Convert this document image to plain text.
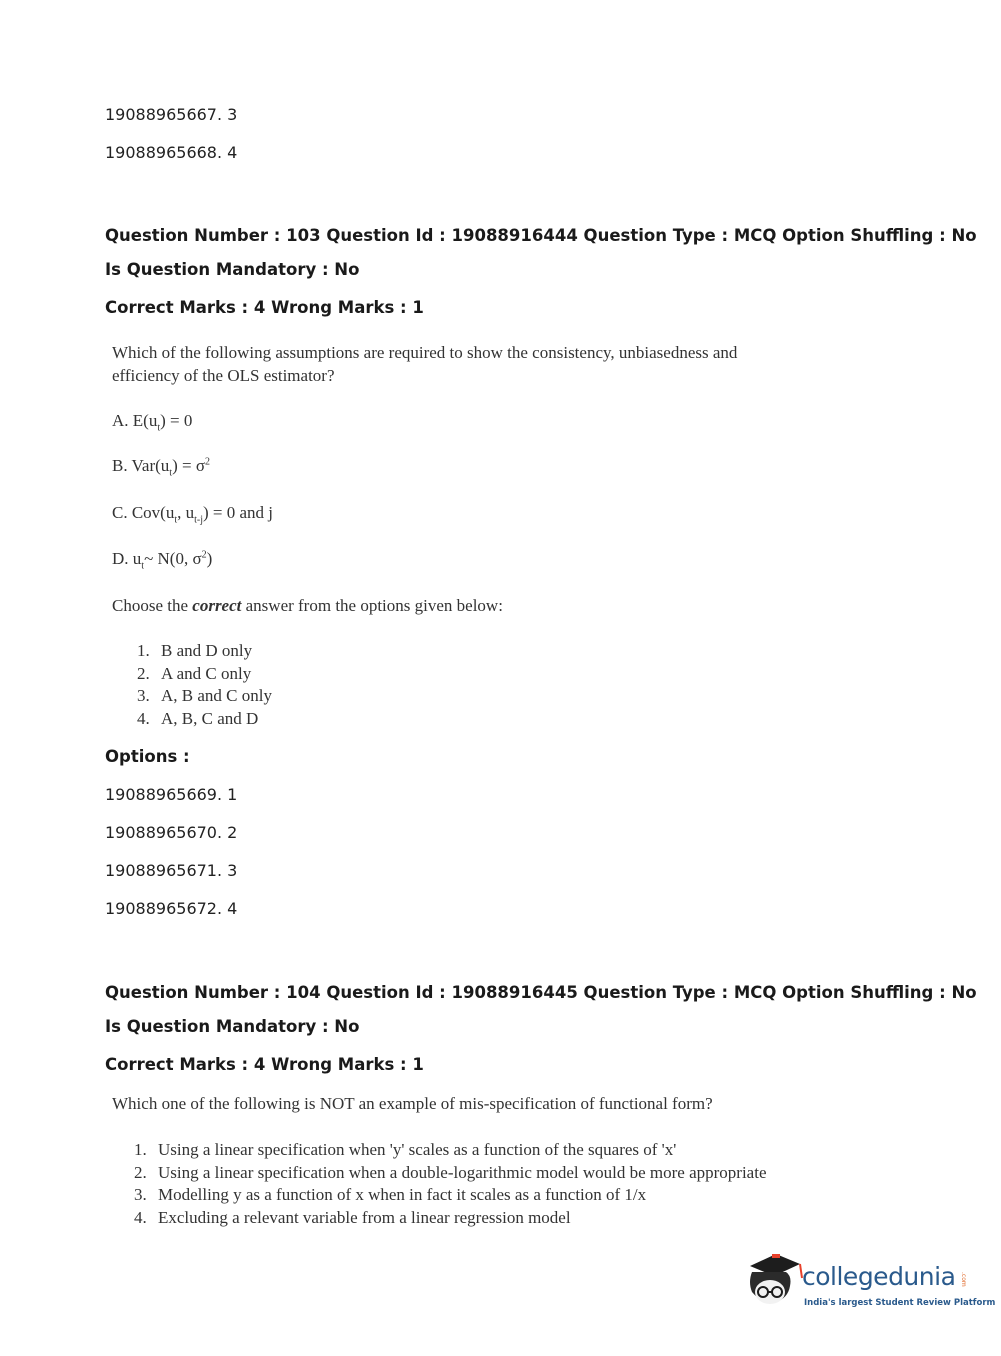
19088965667. 3
19088965668. 4
Question Number : 103 Question Id : 19088916444 Question Type : MCQ Option Shuffling : No
Is Question Mandatory : No
Correct Marks : 4 Wrong Marks : 1
Which of the following assumptions are required to show the consistency, unbiasedness and
efficiency of the OLS estimator?
A. $E(u_t) = 0$
B. $Var(u_t) = \sigma^2$
C. $Cov(u_t$, $u_{t-j}) = 0$ and j
D. $u_t\sim$ N(0, $\sigma^2$)
Choose the correct answer from the options given below:
1. B and D only
2. A and C only
3. A, B and C only
4. A, B, C and D
Options :
19088965669. 1
19088965670. 2
19088965671. 3
19088965672. 4
Question Number : 104 Question Id : 19088916445 Question Type : MCQ Option Shuffling : No
Is Question Mandatory : No
Correct Marks : 4 Wrong Marks : 1
Which one of the following is NOT an example of mis-specification of functional form?
1. Using a linear specification when 'y' scales as a function of the squares of 'x'
2. Using a linear specification when a double-logarithmic model would be more appropriate
3. Modelling y as a function of x when in fact it scales as a function of 1/x
4. Excluding a relevant variable from a linear regression model
collegedunia .com
India's largest Student Review Platform
